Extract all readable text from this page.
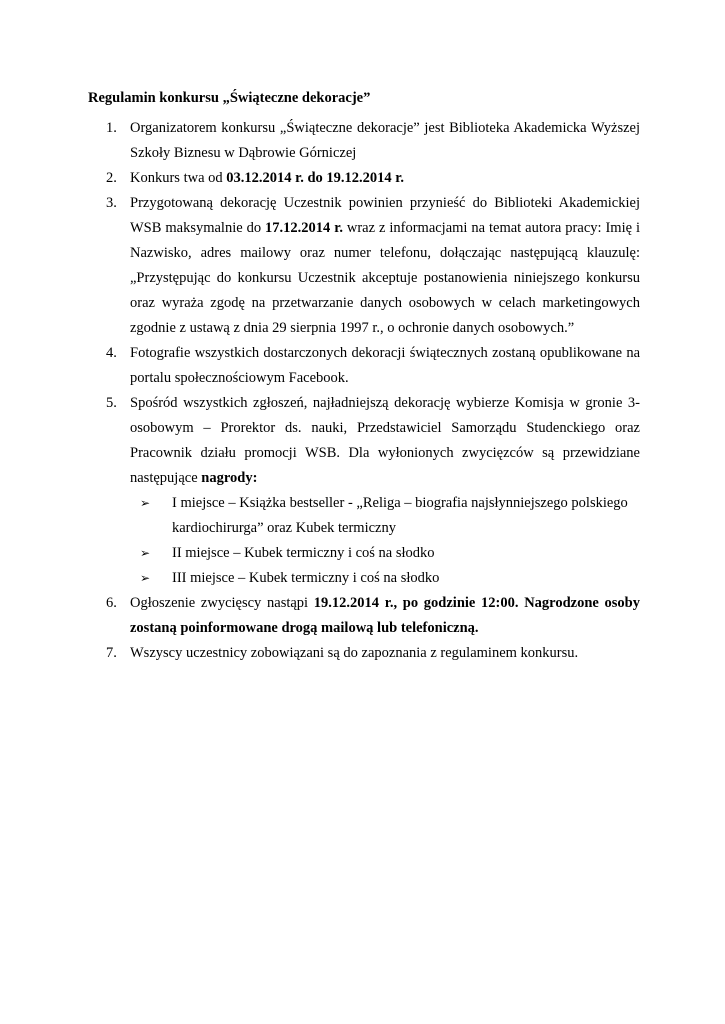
Regulamin konkursu „Świąteczne dekoracje”
1. Organizatorem konkursu „Świąteczne dekoracje” jest Biblioteka Akademicka Wyższej Szkoły Biznesu w Dąbrowie Górniczej
2. Konkurs twa od 03.12.2014 r. do 19.12.2014 r.
3. Przygotowaną dekorację Uczestnik powinien przynieść do Biblioteki Akademickiej WSB maksymalnie do 17.12.2014 r. wraz z informacjami na temat autora pracy: Imię i Nazwisko, adres mailowy oraz numer telefonu, dołączając następującą klauzulę: „Przystępując do konkursu Uczestnik akceptuje postanowienia niniejszego konkursu oraz wyraża zgodę na przetwarzanie danych osobowych w celach marketingowych zgodnie z ustawą z dnia 29 sierpnia 1997 r., o ochronie danych osobowych.”
4. Fotografie wszystkich dostarczonych dekoracji świątecznych zostaną opublikowane na portalu społecznościowym Facebook.
5. Spośród wszystkich zgłoszeń, najładniejszą dekorację wybierze Komisja w gronie 3-osobowym – Prorektor ds. nauki, Przedstawiciel Samorządu Studenckiego oraz Pracownik działu promocji WSB. Dla wyłonionych zwycięzców są przewidziane następujące nagrody:
➢ I miejsce – Książka bestseller - „Religa – biografia najsłynniejszego polskiego kardiochirurga” oraz Kubek termiczny
➢ II miejsce – Kubek termiczny i coś na słodko
➢ III miejsce – Kubek termiczny i coś na słodko
6. Ogłoszenie zwycięscy nastąpi 19.12.2014 r., po godzinie 12:00. Nagrodzone osoby zostaną poinformowane drogą mailową lub telefoniczną.
7. Wszyscy uczestnicy zobowiązani są do zapoznania z regulaminem konkursu.
